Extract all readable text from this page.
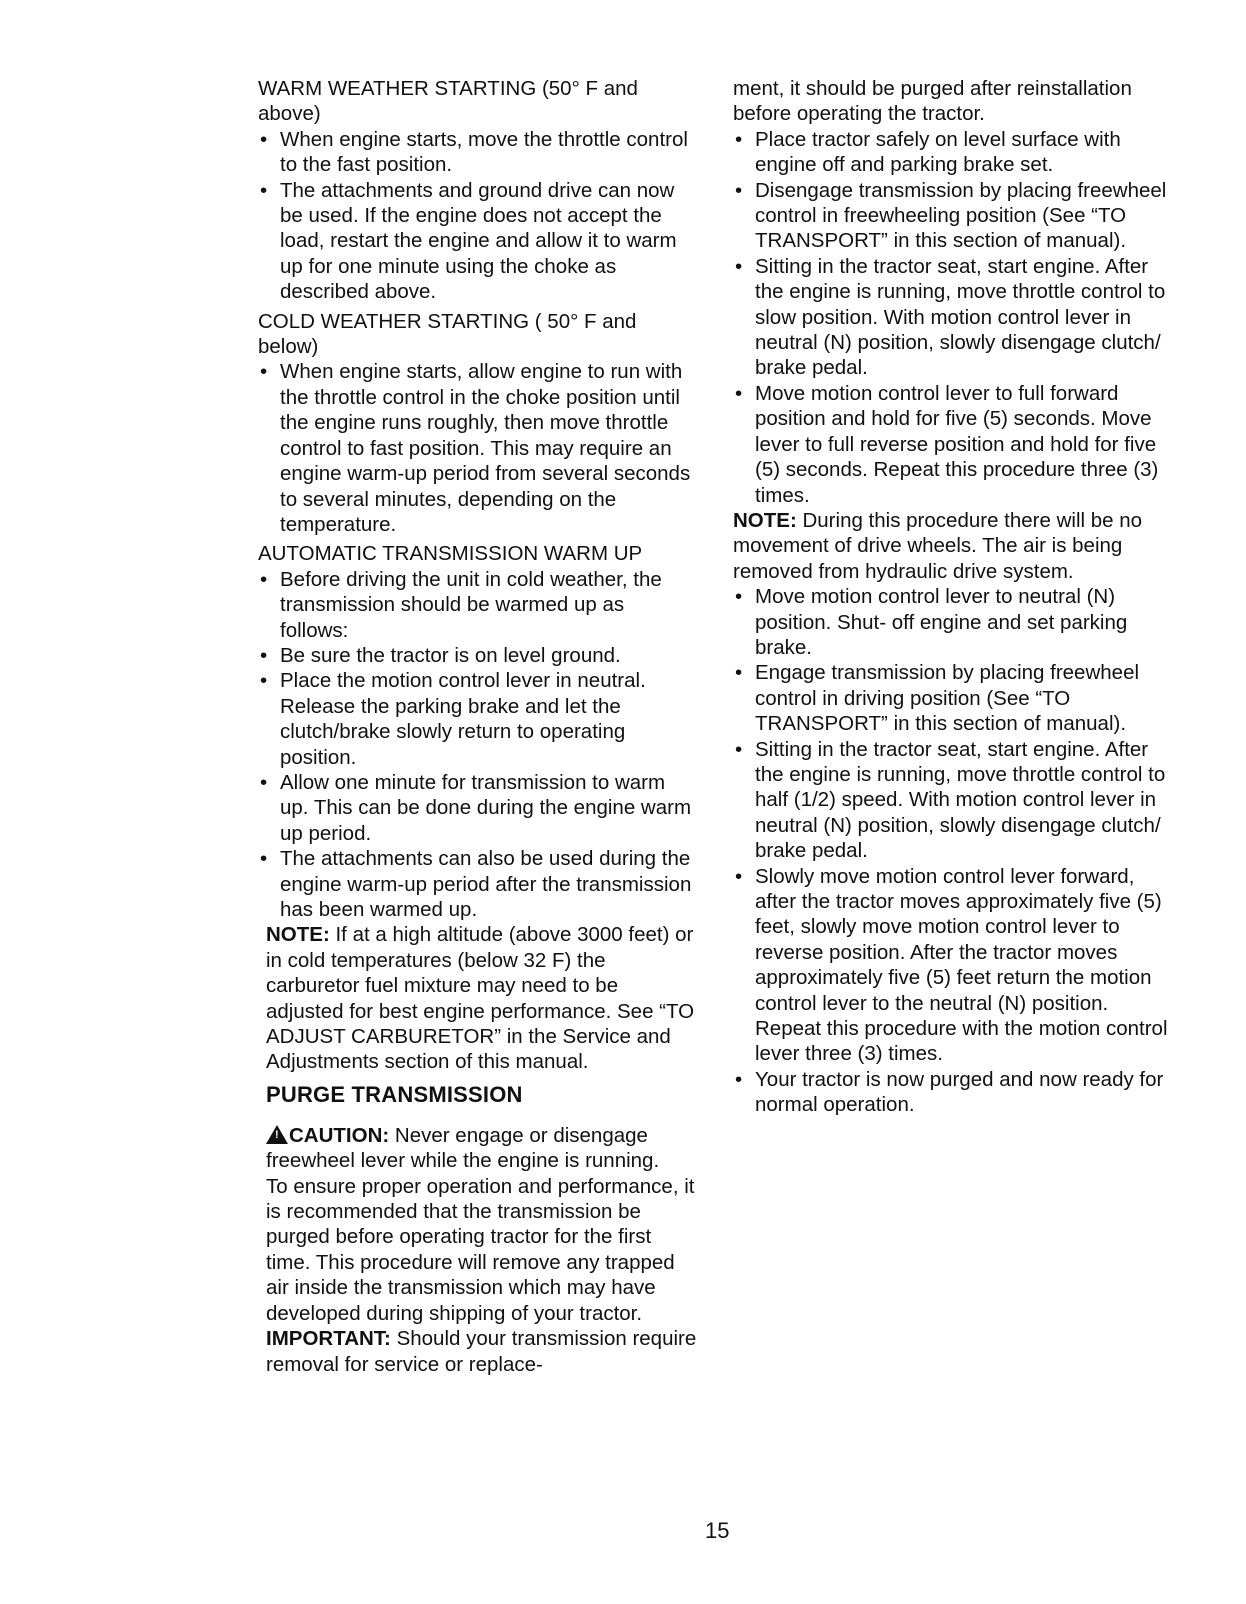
WARM WEATHER STARTING (50° F and above)

• When engine starts, move the throttle control to the fast position.
• The attachments and ground drive can now be used. If the engine does not accept the load, restart the engine and allow it to warm up for one minute using the choke as described above.

COLD WEATHER STARTING ( 50° F and below)

• When engine starts, allow engine to run with the throttle control in the choke position until the engine runs roughly, then move throttle control to fast position. This may require an engine warm-up period from several seconds to several minutes, depending on the temperature.

AUTOMATIC TRANSMISSION WARM UP

• Before driving the unit in cold weather, the transmission should be warmed up as follows:
• Be sure the tractor is on level ground.
• Place the motion control lever in neutral. Release the parking brake and let the clutch/brake slowly return to operating position.
• Allow one minute for transmission to warm up. This can be done during the engine warm up period.
• The attachments can also be used during the engine warm-up period after the transmission has been warmed up.

NOTE: If at a high altitude (above 3000 feet) or in cold temperatures (below 32 F) the carburetor fuel mixture may need to be adjusted for best engine performance. See “TO ADJUST CARBURETOR” in the Service and Adjustments section of this manual.

PURGE TRANSMISSION

! CAUTION: Never engage or disengage freewheel lever while the engine is running.

To ensure proper operation and performance, it is recommended that the transmission be purged before operating tractor for the first time. This procedure will remove any trapped air inside the transmission which may have developed during shipping of your tractor.

IMPORTANT: Should your transmission require removal for service or replace-

ment, it should be purged after reinstallation before operating the tractor.

• Place tractor safely on level surface with engine off and parking brake set.
• Disengage transmission by placing freewheel control in freewheeling position (See “TO TRANSPORT” in this section of manual).
• Sitting in the tractor seat, start engine. After the engine is running, move throttle control to slow position. With motion control lever in neutral (N) position, slowly disengage clutch/ brake pedal.
• Move motion control lever to full forward position and hold for five (5) seconds. Move lever to full reverse position and hold for five (5) seconds. Repeat this procedure three (3) times.

NOTE: During this procedure there will be no movement of drive wheels. The air is being removed from hydraulic drive system.

• Move motion control lever to neutral (N) position. Shut- off engine and set parking brake.
• Engage transmission by placing freewheel control in driving position (See “TO TRANSPORT” in this section of manual).
• Sitting in the tractor seat, start engine. After the engine is running, move throttle control to half (1/2) speed. With motion control lever in neutral (N) position, slowly disengage clutch/ brake pedal.
• Slowly move motion control lever forward, after the tractor moves approximately five (5) feet, slowly move motion control lever to reverse position. After the tractor moves approximately five (5) feet return the motion control lever to the neutral (N) position. Repeat this procedure with the motion control lever three (3) times.
• Your tractor is now purged and now ready for normal operation.
15
